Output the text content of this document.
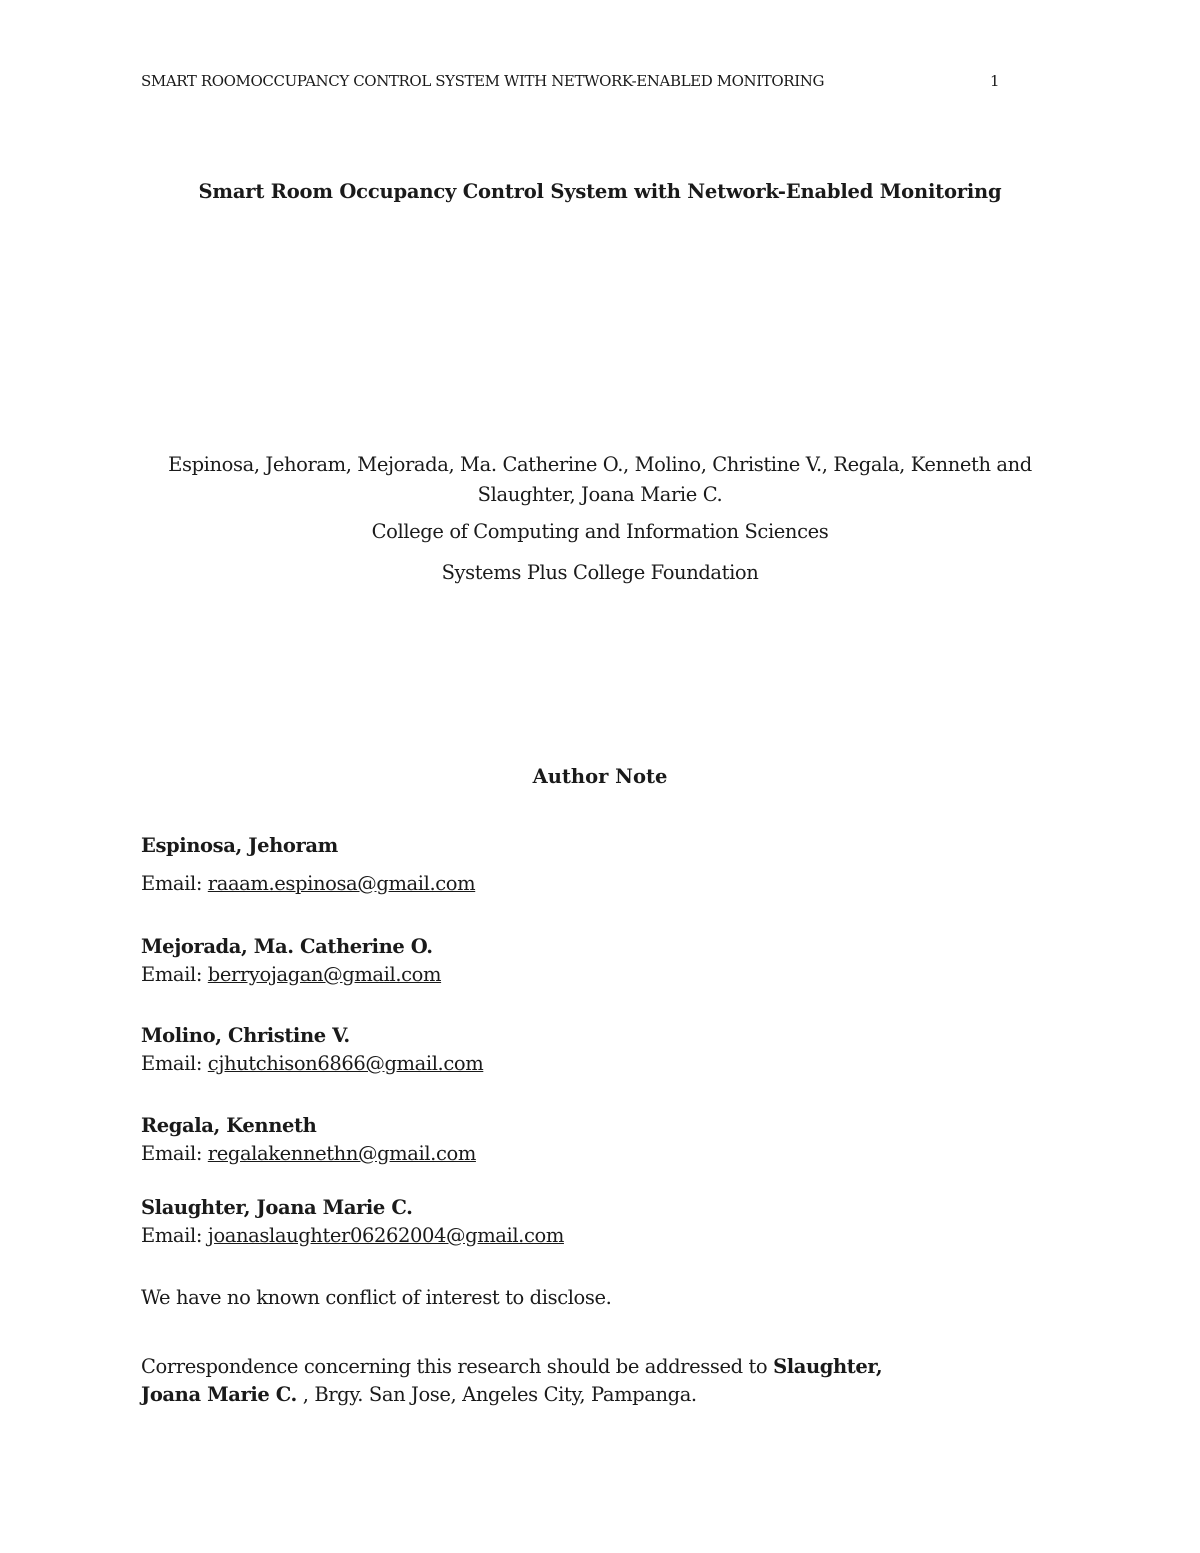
SMART ROOMOCCUPANCY CONTROL SYSTEM WITH NETWORK-ENABLED MONITORING	1
Smart Room Occupancy Control System with Network-Enabled Monitoring
Espinosa, Jehoram, Mejorada, Ma. Catherine O., Molino, Christine V., Regala, Kenneth and
Slaughter, Joana Marie C.
College of Computing and Information Sciences
Systems Plus College Foundation
Author Note
Espinosa, Jehoram
Email: raaam.espinosa@gmail.com
Mejorada, Ma. Catherine O.
Email: berryojagan@gmail.com
Molino, Christine V.
Email: cjhutchison6866@gmail.com
Regala, Kenneth
Email: regalakennethn@gmail.com
Slaughter, Joana Marie C.
Email: joanaslaughter06262004@gmail.com
We have no known conflict of interest to disclose.
Correspondence concerning this research should be addressed to Slaughter, Joana Marie C. , Brgy. San Jose, Angeles City, Pampanga.
